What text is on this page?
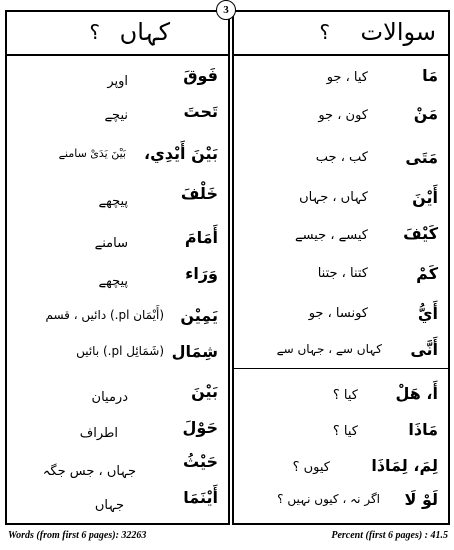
3
کہاں
؟
فَوقَ
اوپر
تَحتَ
نیچے
بَيْنَ أَيْدِي،
بَیْنَ یَدَیْ سامنے
خَلْفَ
پیچھے
أَمَامَ
سامنے
وَرَاء
پیچھے
يَمِيْن
(أَيْمَان pl.) دائیں ، قسم
شِمَال
(شَمَائِل pl.) بائیں
بَيْنَ
درمیان
حَوْلَ
اطراف
حَيْثُ
جہاں ، جس جگہ
أَيْنَمَا
جہاں
سوالات
؟
مَا
کیا ، جو
مَنْ
کون ، جو
مَتَى
کب ، جب
أَيْنَ
کہاں ، جہاں
كَيْفَ
کیسے ، جیسے
كَمْ
کتنا ، جتنا
أَيُّ
کونسا ، جو
أَنَّى
کہاں سے ، جہاں سے
أَ، هَلْ
کیا ؟
مَاذَا
کیا ؟
لِمَ، لِمَاذَا
کیوں ؟
لَوْ لَا
اگر نہ ، کیوں نہیں ؟
Words (from first 6 pages): 32263	Percent (first 6 pages) : 41.5
